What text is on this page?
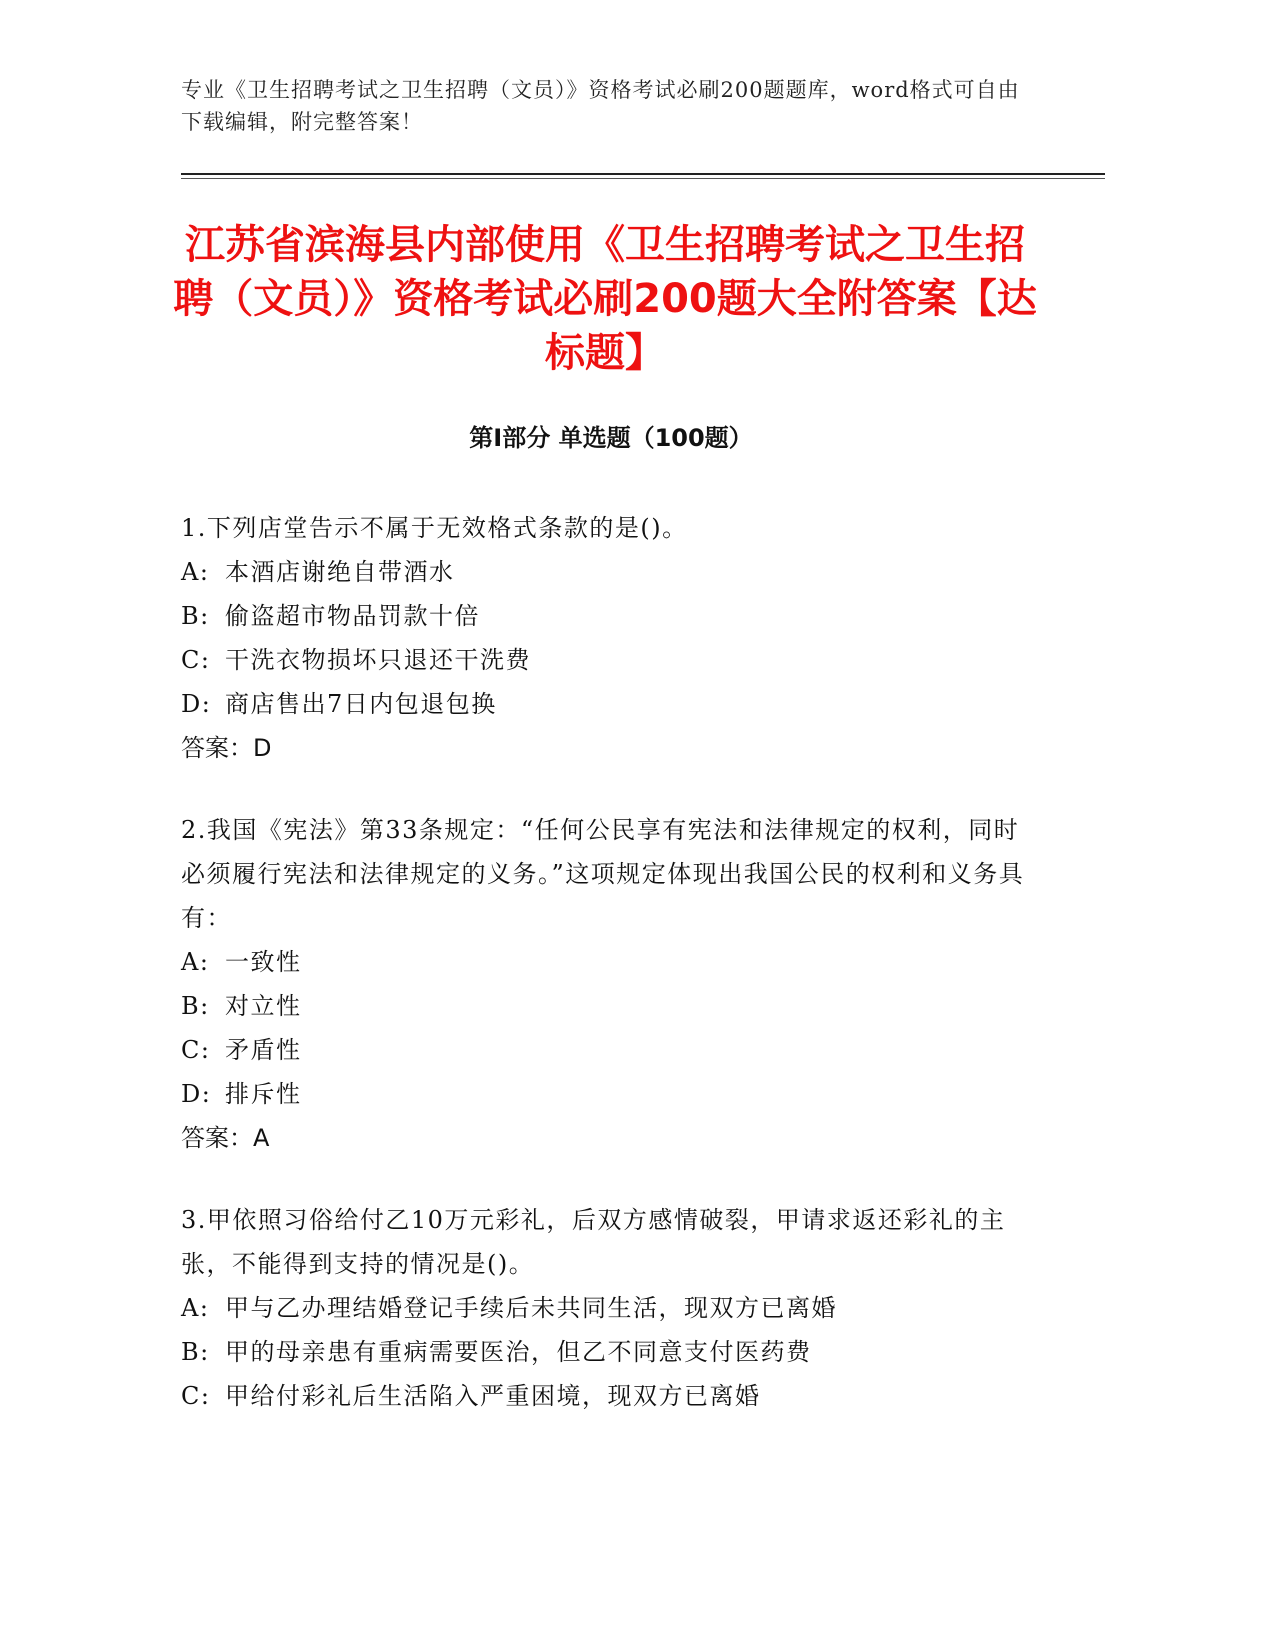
专业《卫生招聘考试之卫生招聘（文员）》资格考试必刷200题题库，word格式可自由下载编辑，附完整答案！
江苏省滨海县内部使用《卫生招聘考试之卫生招聘（文员）》资格考试必刷200题大全附答案【达标题】
第Ⅰ部分 单选题（100题）

1.下列店堂告示不属于无效格式条款的是()。

A: 本酒店谢绝自带酒水

B: 偷盗超市物品罚款十倍

C: 干洗衣物损坏只退还干洗费

D: 商店售出7日内包退包换

答案：D

2.我国《宪法》第33条规定：“任何公民享有宪法和法律规定的权利，同时必须履行宪法和法律规定的义务。”这项规定体现出我国公民的权利和义务具有：

A: 一致性

B: 对立性

C: 矛盾性

D: 排斥性

答案：A

3.甲依照习俗给付乙10万元彩礼，后双方感情破裂，甲请求返还彩礼的主张，不能得到支持的情况是()。

A: 甲与乙办理结婚登记手续后未共同生活，现双方已离婚

B: 甲的母亲患有重病需要医治，但乙不同意支付医药费

C: 甲给付彩礼后生活陷入严重困境，现双方已离婚
